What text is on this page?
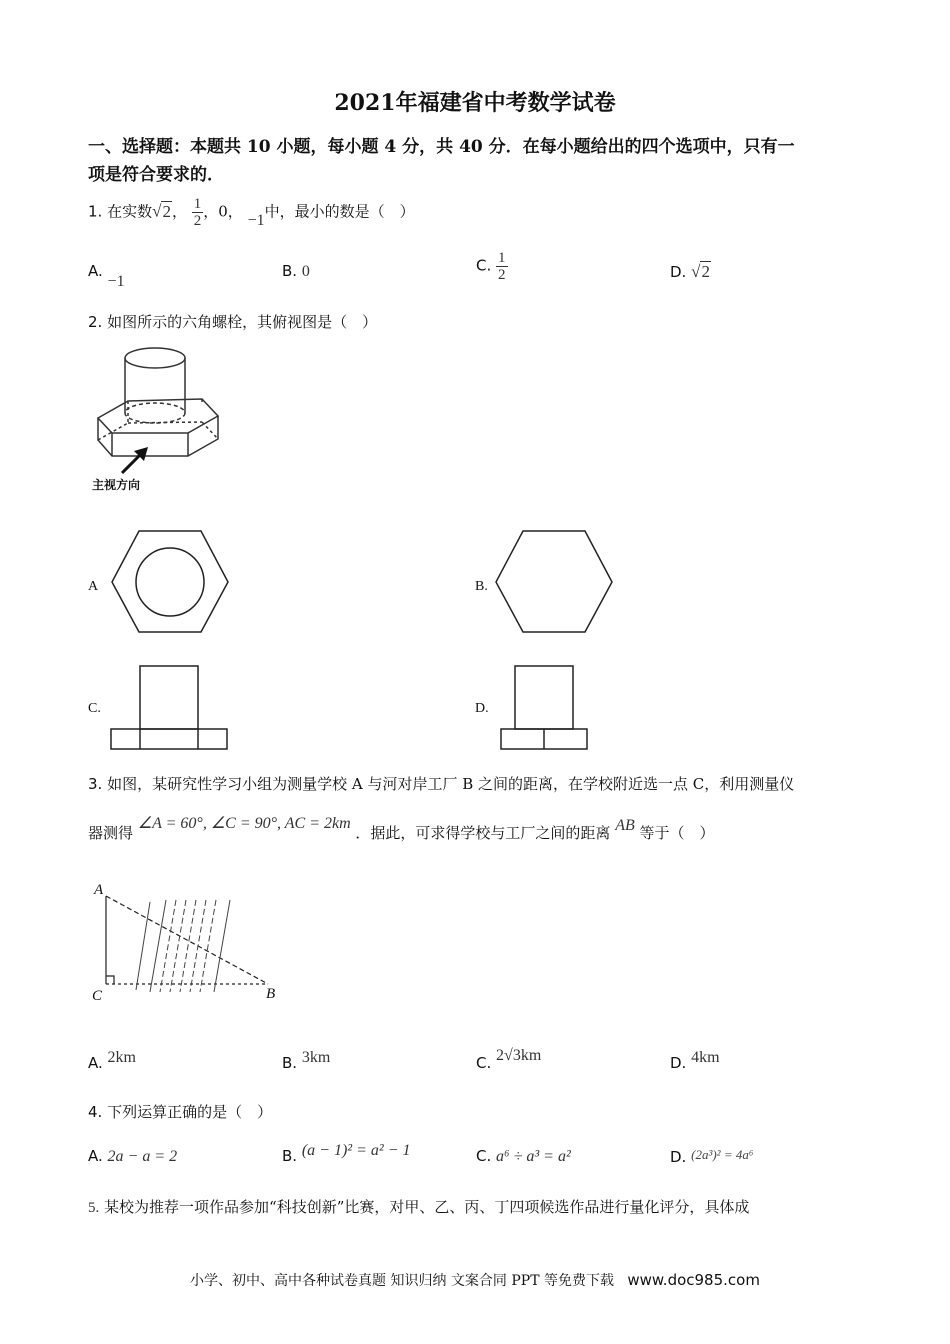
2021年福建省中考数学试卷
一、选择题：本题共 10 小题，每小题 4 分，共 40 分．在每小题给出的四个选项中，只有一
项是符合要求的．
1. 在实数√2， $\frac{1}{2}$ ，0， −1中，最小的数是（　）
A. −1
B. 0	C. $\frac{1}{2}$	D. √2
2. 如图所示的六角螺栓，其俯视图是（　）
主视方向
A	B.
C.	D.
3. 如图，某研究性学习小组为测量学校 A 与河对岸工厂 B 之间的距离，在学校附近选一点 C，利用测量仪
器测得 ∠A = 60°, ∠C = 90°, AC = 2km ．据此，可求得学校与工厂之间的距离 AB 等于（　）
A
C	B
A. 2km	B. 3km	C. 2√3km	D. 4km
4. 下列运算正确的是（　）
A. 2a − a = 2	B. (a − 1)² = a² − 1	C. a⁶ ÷ a³ = a²	D. (2a³)² = 4a⁶
5. 某校为推荐一项作品参加“科技创新”比赛，对甲、乙、丙、丁四项候选作品进行量化评分，具体成
小学、初中、高中各种试卷真题 知识归纳 文案合同 PPT 等免费下载 www.doc985.com
